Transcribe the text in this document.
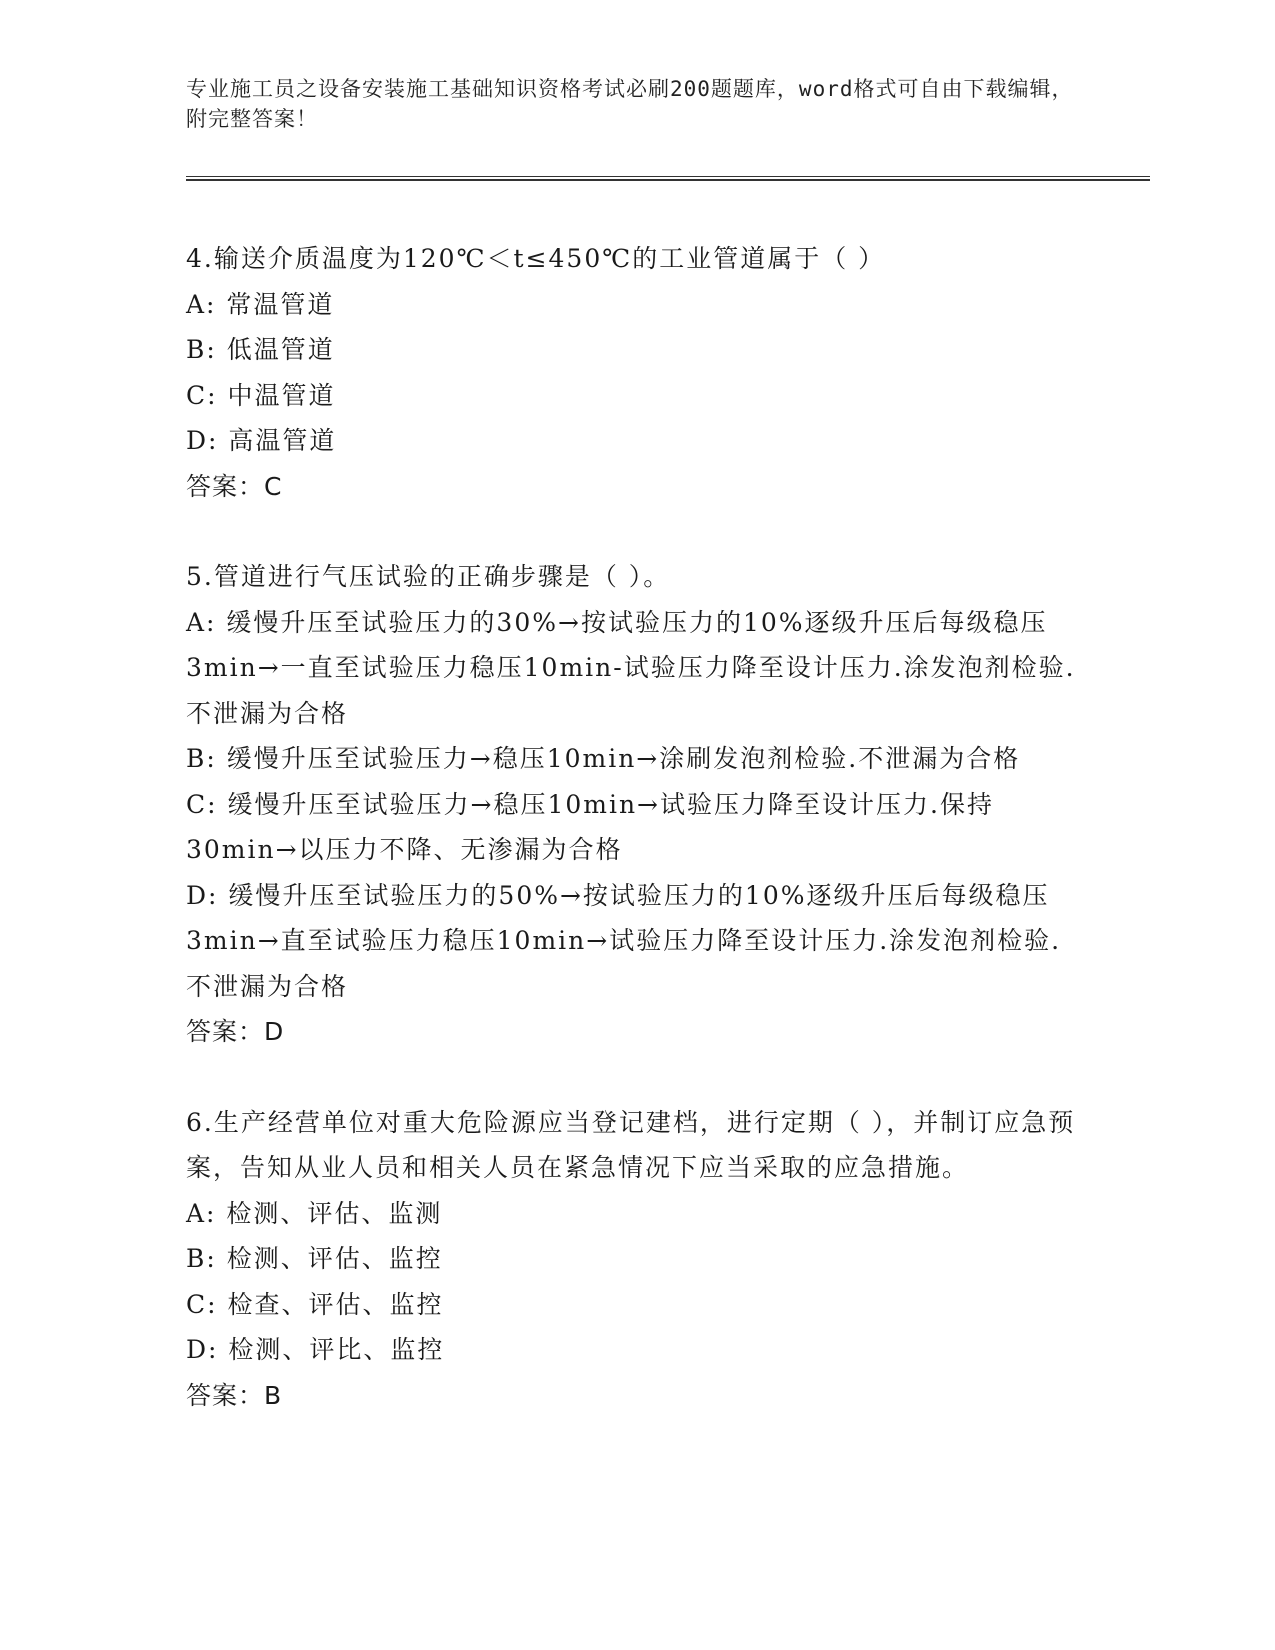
专业施工员之设备安装施工基础知识资格考试必刷200题题库，word格式可自由下载编辑，附完整答案！
4.输送介质温度为120℃＜t≤450℃的工业管道属于（ ）
A: 常温管道
B: 低温管道
C: 中温管道
D: 高温管道
答案：C
5.管道进行气压试验的正确步骤是（ ）。
A: 缓慢升压至试验压力的30%→按试验压力的10%逐级升压后每级稳压3min→一直至试验压力稳压10min-试验压力降至设计压力.涂发泡剂检验.不泄漏为合格
B: 缓慢升压至试验压力→稳压10min→涂刷发泡剂检验.不泄漏为合格
C: 缓慢升压至试验压力→稳压10min→试验压力降至设计压力.保持30min→以压力不降、无渗漏为合格
D: 缓慢升压至试验压力的50%→按试验压力的10%逐级升压后每级稳压3min→直至试验压力稳压10min→试验压力降至设计压力.涂发泡剂检验.不泄漏为合格
答案：D
6.生产经营单位对重大危险源应当登记建档，进行定期（ ），并制订应急预案，告知从业人员和相关人员在紧急情况下应当采取的应急措施。
A: 检测、评估、监测
B: 检测、评估、监控
C: 检查、评估、监控
D: 检测、评比、监控
答案：B
